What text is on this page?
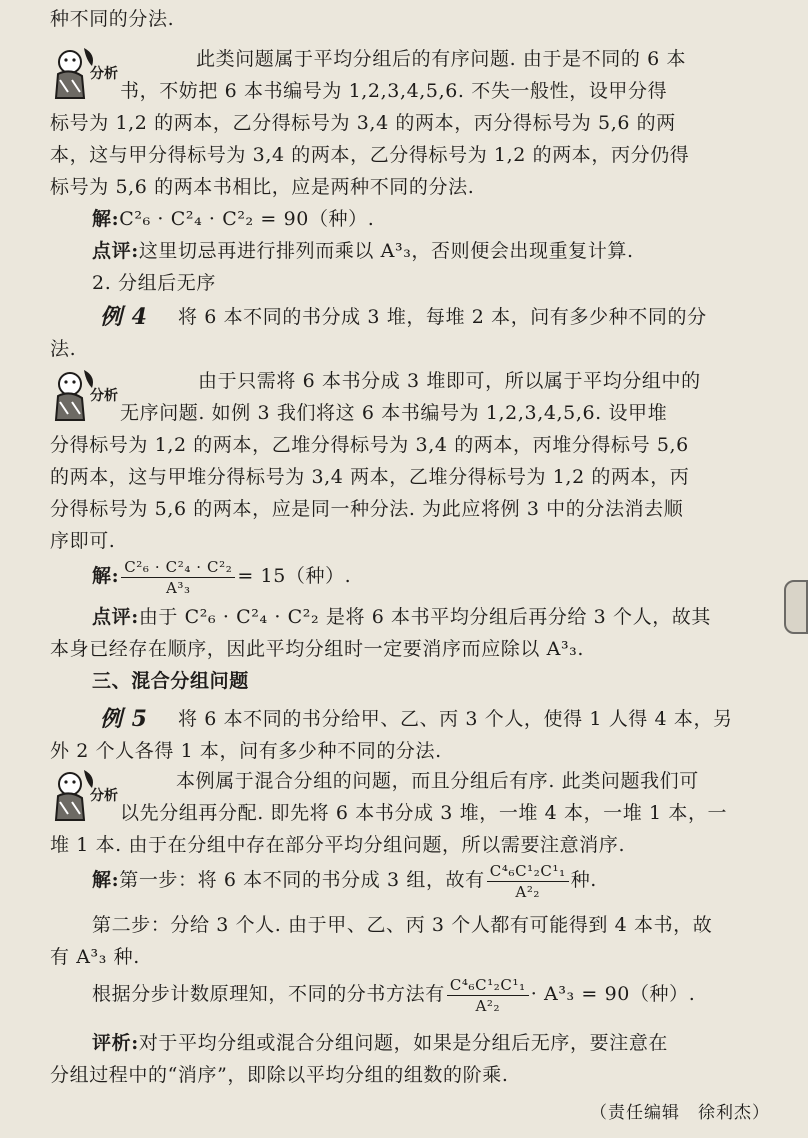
种不同的分法.
分析
此类问题属于平均分组后的有序问题. 由于是不同的 6 本
书，不妨把 6 本书编号为 1,2,3,4,5,6. 不失一般性，设甲分得
标号为 1,2 的两本，乙分得标号为 3,4 的两本，丙分得标号为 5,6 的两
本，这与甲分得标号为 3,4 的两本，乙分得标号为 1,2 的两本，丙分仍得
标号为 5,6 的两本书相比，应是两种不同的分法.
解:C²₆ · C²₄ · C²₂ = 90（种）.
点评:这里切忌再进行排列而乘以 A³₃，否则便会出现重复计算.
2. 分组后无序
例 4 将 6 本不同的书分成 3 堆，每堆 2 本，问有多少种不同的分
法.
分析
由于只需将 6 本书分成 3 堆即可，所以属于平均分组中的
无序问题. 如例 3 我们将这 6 本书编号为 1,2,3,4,5,6. 设甲堆
分得标号为 1,2 的两本，乙堆分得标号为 3,4 的两本，丙堆分得标号 5,6
的两本，这与甲堆分得标号为 3,4 两本，乙堆分得标号为 1,2 的两本，丙
分得标号为 5,6 的两本，应是同一种分法. 为此应将例 3 中的分法消去顺
序即可.
解: $\frac{\text{C²₆ · C²₄ · C²₂}}{\text{A³₃}} = 15$（种）.
点评:由于 C²₆ · C²₄ · C²₂ 是将 6 本书平均分组后再分给 3 个人，故其
本身已经存在顺序，因此平均分组时一定要消序而应除以 A³₃.
三、混合分组问题
例 5 将 6 本不同的书分给甲、乙、丙 3 个人，使得 1 人得 4 本，另
外 2 个人各得 1 本，问有多少种不同的分法.
分析
本例属于混合分组的问题，而且分组后有序. 此类问题我们可
以先分组再分配. 即先将 6 本书分成 3 堆，一堆 4 本，一堆 1 本，一
堆 1 本. 由于在分组中存在部分平均分组问题，所以需要注意消序.
解:第一步：将 6 本不同的书分成 3 组，故有 $\frac{\text{C⁴₆C¹₂C¹₁}}{\text{A²₂}}$ 种.
第二步：分给 3 个人. 由于甲、乙、丙 3 个人都有可能得到 4 本书，故
有 A³₃ 种.
根据分步计数原理知，不同的分书方法有 $\frac{\text{C⁴₆C¹₂C¹₁}}{\text{A²₂}} \cdot A^3_3 = 90$（种）.
评析:对于平均分组或混合分组问题，如果是分组后无序，要注意在
分组过程中的“消序”，即除以平均分组的组数的阶乘.
（责任编辑　徐利杰）
